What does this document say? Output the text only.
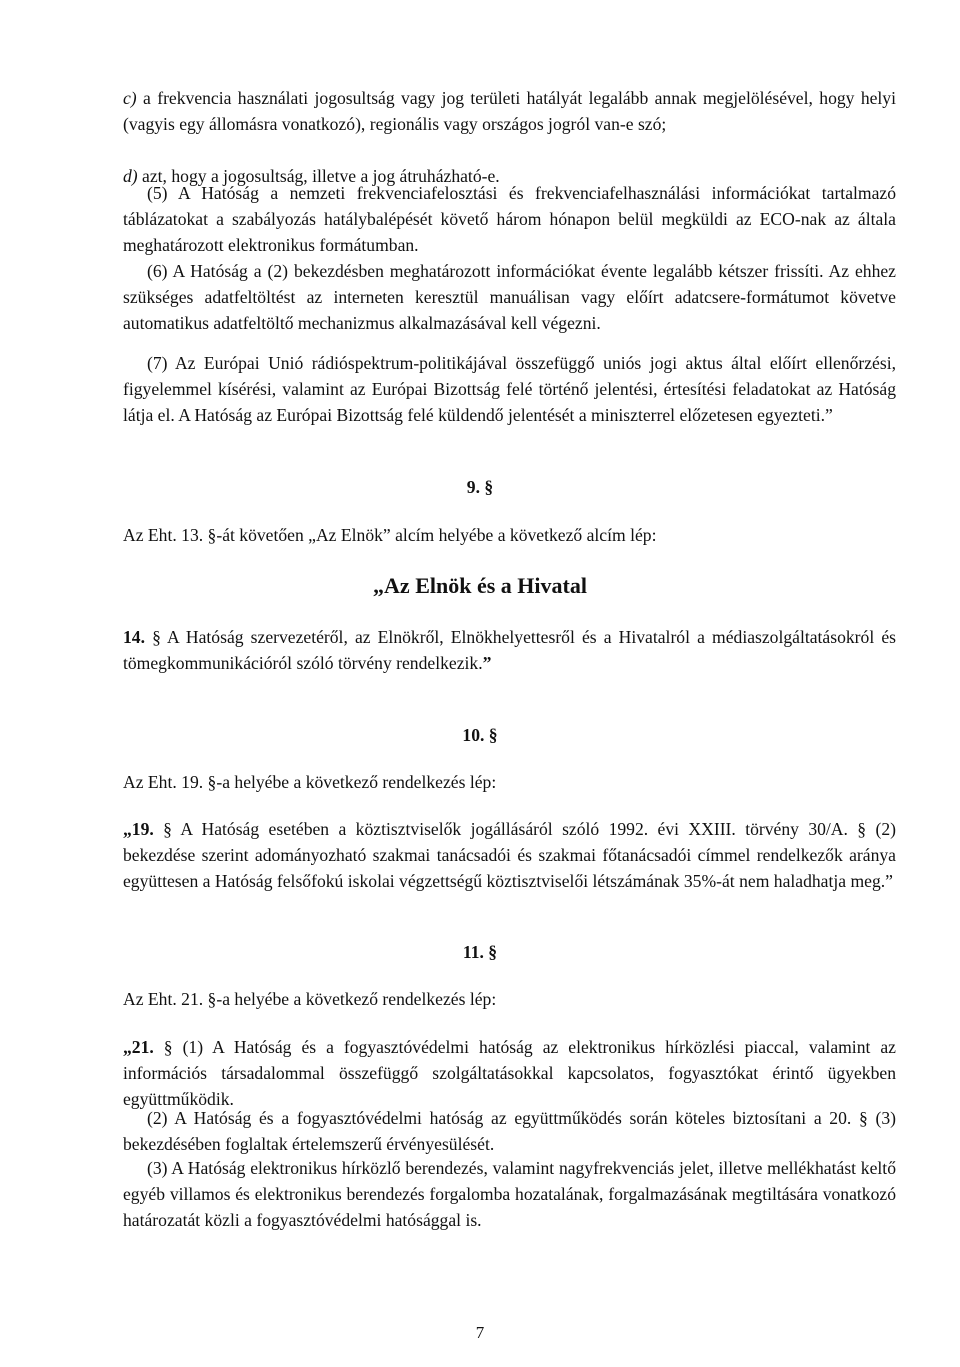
c) a frekvencia használati jogosultság vagy jog területi hatályát legalább annak megjelölésével, hogy helyi (vagyis egy állomásra vonatkozó), regionális vagy országos jogról van-e szó;

d) azt, hogy a jogosultság, illetve a jog átruházható-e.

(5) A Hatóság a nemzeti frekvenciafelosztási és frekvenciafelhasználási információkat tartalmazó táblázatokat a szabályozás hatálybalépését követő három hónapon belül megküldi az ECO-nak az általa meghatározott elektronikus formátumban.

(6) A Hatóság a (2) bekezdésben meghatározott információkat évente legalább kétszer frissíti. Az ehhez szükséges adatfeltöltést az interneten keresztül manuálisan vagy előírt adatcsere-formátumot követve automatikus adatfeltöltő mechanizmus alkalmazásával kell végezni.

(7) Az Európai Unió rádióspektrum-politikájával összefüggő uniós jogi aktus által előírt ellenőrzési, figyelemmel kísérési, valamint az Európai Bizottság felé történő jelentési, értesítési feladatokat az Hatóság látja el. A Hatóság az Európai Bizottság felé küldendő jelentését a miniszterrel előzetesen egyezteti.”

9. §

Az Eht. 13. §-át követően „Az Elnök” alcím helyébe a következő alcím lép:

„Az Elnök és a Hivatal

14. § A Hatóság szervezetéről, az Elnökről, Elnökhelyettesről és a Hivatalról a médiaszolgáltatásokról és tömegkommunikációról szóló törvény rendelkezik.”

10. §

Az Eht. 19. §-a helyébe a következő rendelkezés lép:

„19. § A Hatóság esetében a köztisztviselők jogállásáról szóló 1992. évi XXIII. törvény 30/A. § (2) bekezdése szerint adományozható szakmai tanácsadói és szakmai főtanácsadói címmel rendelkezők aránya együttesen a Hatóság felsőfokú iskolai végzettségű köztisztviselői létszámának 35%-át nem haladhatja meg.”

11. §

Az Eht. 21. §-a helyébe a következő rendelkezés lép:

„21. § (1) A Hatóság és a fogyasztóvédelmi hatóság az elektronikus hírközlési piaccal, valamint az információs társadalommal összefüggő szolgáltatásokkal kapcsolatos, fogyasztókat érintő ügyekben együttműködik.

(2) A Hatóság és a fogyasztóvédelmi hatóság az együttműködés során köteles biztosítani a 20. § (3) bekezdésében foglaltak értelemszerű érvényesülését.

(3) A Hatóság elektronikus hírközlő berendezés, valamint nagyfrekvenciás jelet, illetve mellékhatást keltő egyéb villamos és elektronikus berendezés forgalomba hozatalának, forgalmazásának megtiltására vonatkozó határozatát közli a fogyasztóvédelmi hatósággal is.

7
